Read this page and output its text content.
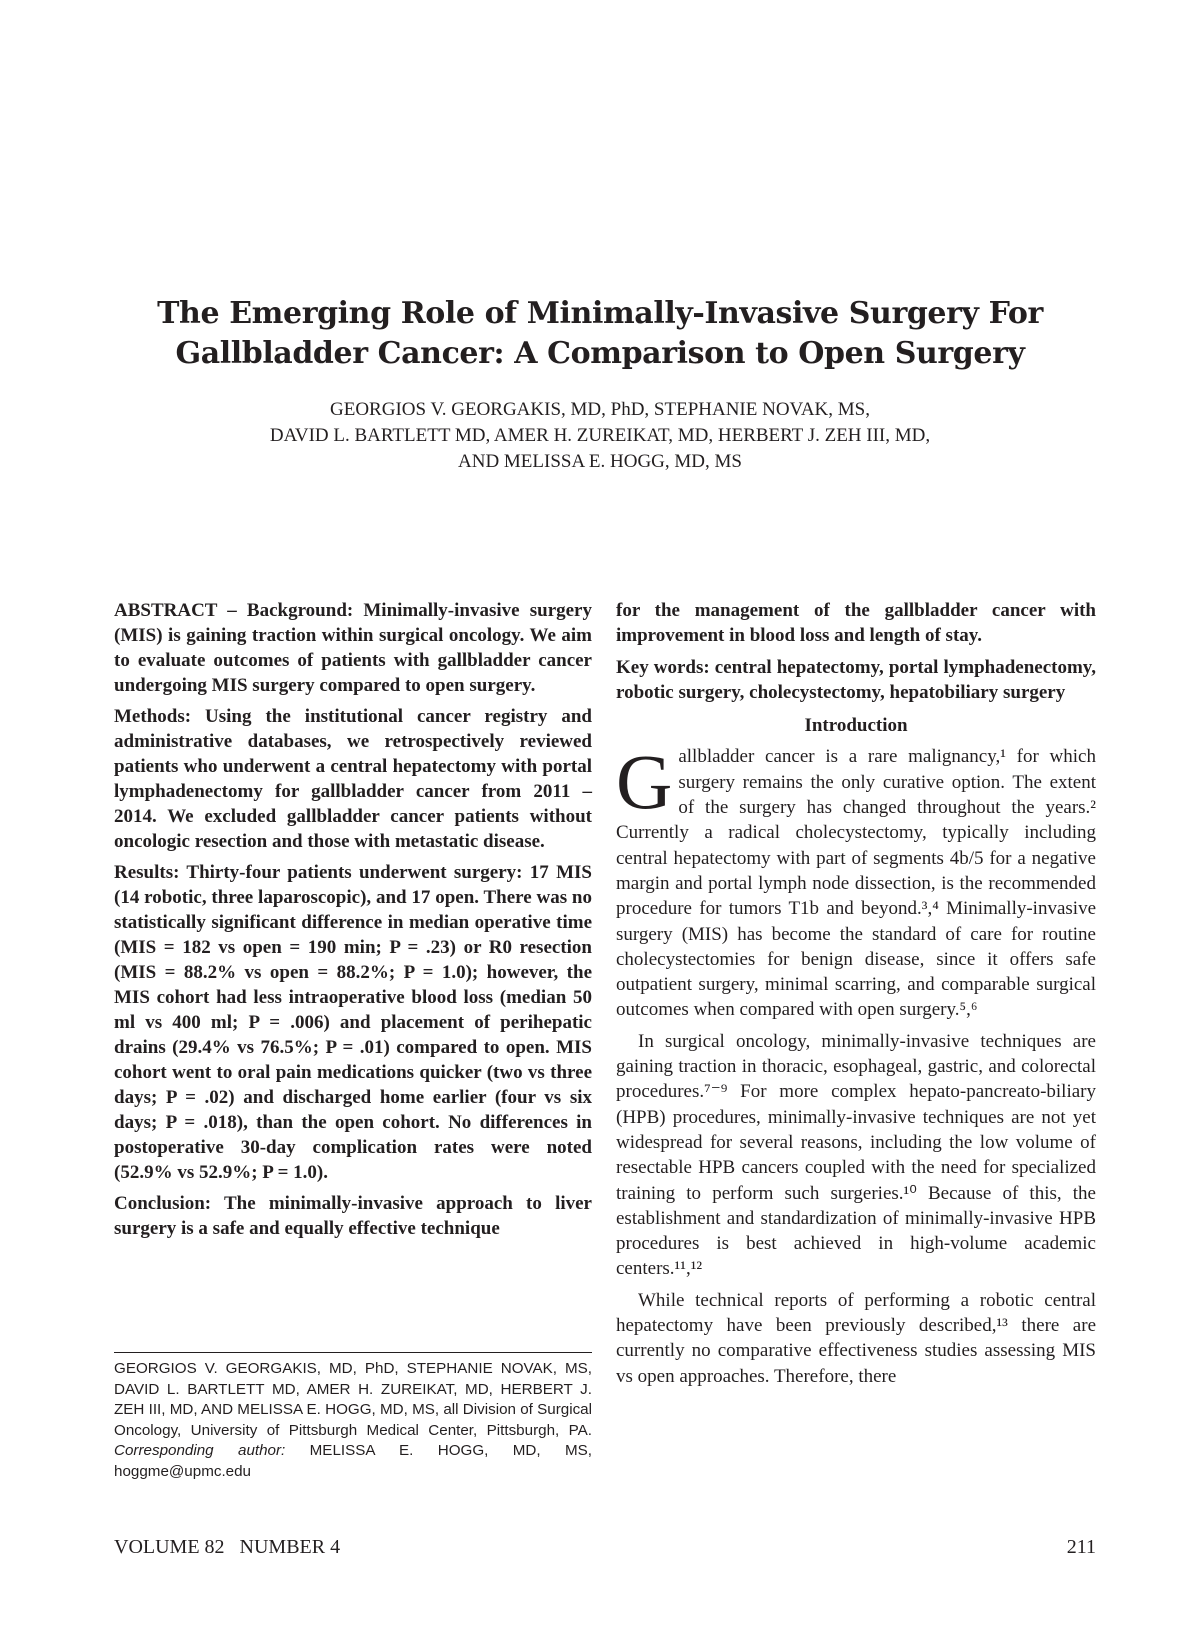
The Emerging Role of Minimally-Invasive Surgery For
Gallbladder Cancer: A Comparison to Open Surgery

GEORGIOS V. GEORGAKIS, MD, PhD, STEPHANIE NOVAK, MS,
DAVID L. BARTLETT MD, AMER H. ZUREIKAT, MD, HERBERT J. ZEH III, MD,
AND MELISSA E. HOGG, MD, MS

ABSTRACT – Background: Minimally-invasive surgery (MIS) is gaining traction within surgical oncology. We aim to evaluate outcomes of patients with gallbladder cancer undergoing MIS surgery compared to open surgery.

Methods: Using the institutional cancer registry and administrative databases, we retrospectively reviewed patients who underwent a central hepatectomy with portal lymphadenectomy for gallbladder cancer from 2011 – 2014. We excluded gallbladder cancer patients without oncologic resection and those with metastatic disease.

Results: Thirty-four patients underwent surgery: 17 MIS (14 robotic, three laparoscopic), and 17 open. There was no statistically significant difference in median operative time (MIS = 182 vs open = 190 min; P = .23) or R0 resection (MIS = 88.2% vs open = 88.2%; P = 1.0); however, the MIS cohort had less intraoperative blood loss (median 50 ml vs 400 ml; P = .006) and placement of perihepatic drains (29.4% vs 76.5%; P = .01) compared to open. MIS cohort went to oral pain medications quicker (two vs three days; P = .02) and discharged home earlier (four vs six days; P = .018), than the open cohort. No differences in postoperative 30-day complication rates were noted (52.9% vs 52.9%; P = 1.0).

Conclusion: The minimally-invasive approach to liver surgery is a safe and equally effective technique

for the management of the gallbladder cancer with improvement in blood loss and length of stay.

Key words: central hepatectomy, portal lymphadenectomy, robotic surgery, cholecystectomy, hepatobiliary surgery

Introduction

Gallbladder cancer is a rare malignancy,¹ for which surgery remains the only curative option. The extent of the surgery has changed throughout the years.² Currently a radical cholecystectomy, typically including central hepatectomy with part of segments 4b/5 for a negative margin and portal lymph node dissection, is the recommended procedure for tumors T1b and beyond.³,⁴ Minimally-invasive surgery (MIS) has become the standard of care for routine cholecystectomies for benign disease, since it offers safe outpatient surgery, minimal scarring, and comparable surgical outcomes when compared with open surgery.⁵,⁶

In surgical oncology, minimally-invasive techniques are gaining traction in thoracic, esophageal, gastric, and colorectal procedures.⁷⁻⁹ For more complex hepato-pancreato-biliary (HPB) procedures, minimally-invasive techniques are not yet widespread for several reasons, including the low volume of resectable HPB cancers coupled with the need for specialized training to perform such surgeries.¹⁰ Because of this, the establishment and standardization of minimally-invasive HPB procedures is best achieved in high-volume academic centers.¹¹,¹²

While technical reports of performing a robotic central hepatectomy have been previously described,¹³ there are currently no comparative effectiveness studies assessing MIS vs open approaches. Therefore, there

GEORGIOS V. GEORGAKIS, MD, PhD, STEPHANIE NOVAK, MS, DAVID L. BARTLETT MD, AMER H. ZUREIKAT, MD, HERBERT J. ZEH III, MD, AND MELISSA E. HOGG, MD, MS, all Division of Surgical Oncology, University of Pittsburgh Medical Center, Pittsburgh, PA. Corresponding author: MELISSA E. HOGG, MD, MS, hoggme@upmc.edu

VOLUME 82   NUMBER 4	211
